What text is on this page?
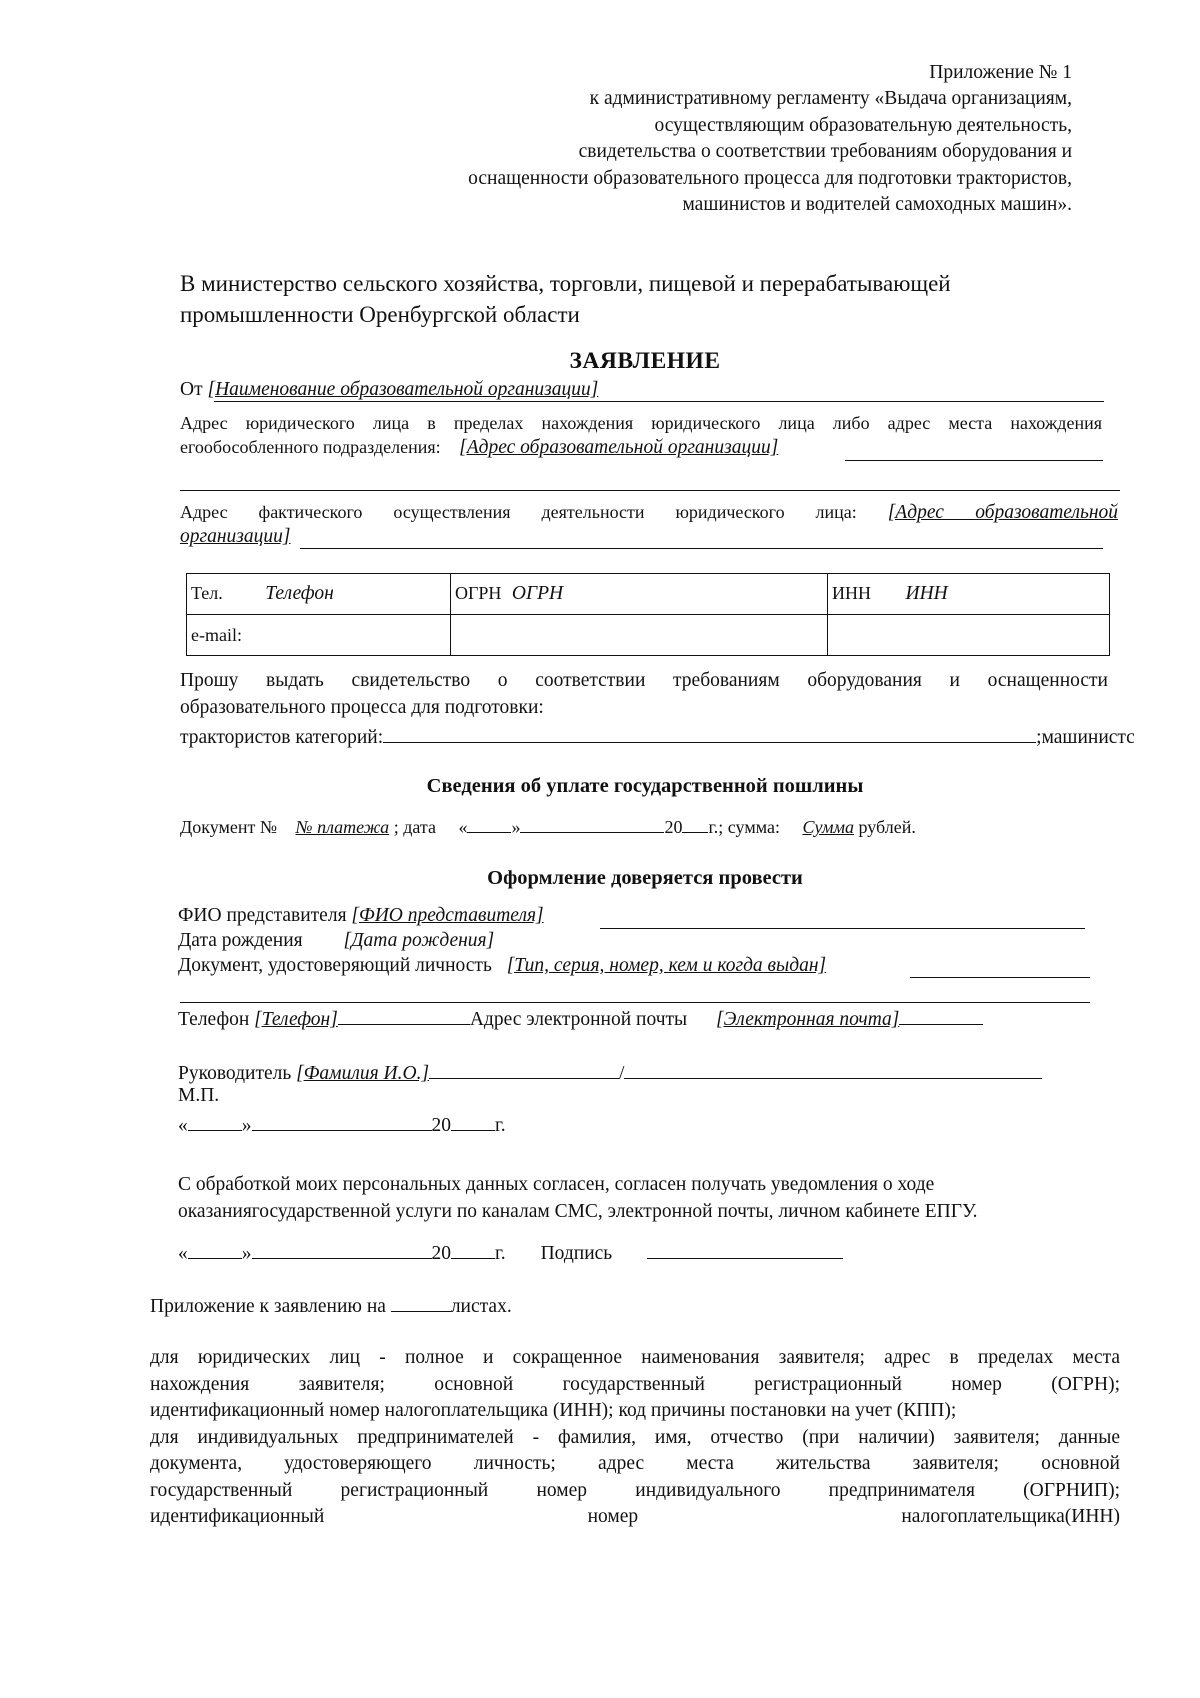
Приложение № 1
к административному регламенту «Выдача организациям,
осуществляющим образовательную деятельность,
свидетельства о соответствии требованиям оборудования и
оснащенности образовательного процесса для подготовки трактористов,
машинистов и водителей самоходных машин».
В министерство сельского хозяйства, торговли, пищевой и перерабатывающей
промышленности Оренбургской области
ЗАЯВЛЕНИЕ
От [Наименование образовательной организации]
Адрес юридического лица в пределах нахождения юридического лица либо адрес места нахождения
егообособленного подразделения: [Адрес образовательной организации]
Адрес фактического осуществления деятельности юридического лица: [Адрес образовательной
организации]
Тел. Телефон	ОГРН ОГРН	ИНН ИНН
e-mail:		
Прошу выдать свидетельство о соответствии требованиям оборудования и оснащенности
образовательного процесса для подготовки:
трактористов категорий:	;машинистс
Сведения об уплате государственной пошлины
Документ № № платежа ; дата « »	20 г.; сумма: Сумма рублей.
Оформление доверяется провести
ФИО представителя [ФИО представителя]
Дата рождения [Дата рождения]
Документ, удостоверяющий личность [Тип, серия, номер, кем и когда выдан]
Телефон [Телефон]	Адрес электронной почты [Электронная почта]
Руководитель [Фамилия И.О.]	/
М.П.
«	»	20 г.
С обработкой моих персональных данных согласен, согласен получать уведомления о ходе
оказаниягосударственной услуги по каналам СМС, электронной почты, личном кабинете ЕПГУ.
«	»	20 г. Подпись
Приложение к заявлению на	листах.
для юридических лиц - полное и сокращенное наименования заявителя; адрес в пределах места
нахождения заявителя; основной государственный регистрационный номер (ОГРН);
идентификационный номер налогоплательщика (ИНН); код причины постановки на учет (КПП);
для индивидуальных предпринимателей - фамилия, имя, отчество (при наличии) заявителя; данные
документа, удостоверяющего личность; адрес места жительства заявителя; основной
государственный регистрационный номер индивидуального предпринимателя (ОГРНИП);
идентификационный номер налогоплательщика(ИНН)
